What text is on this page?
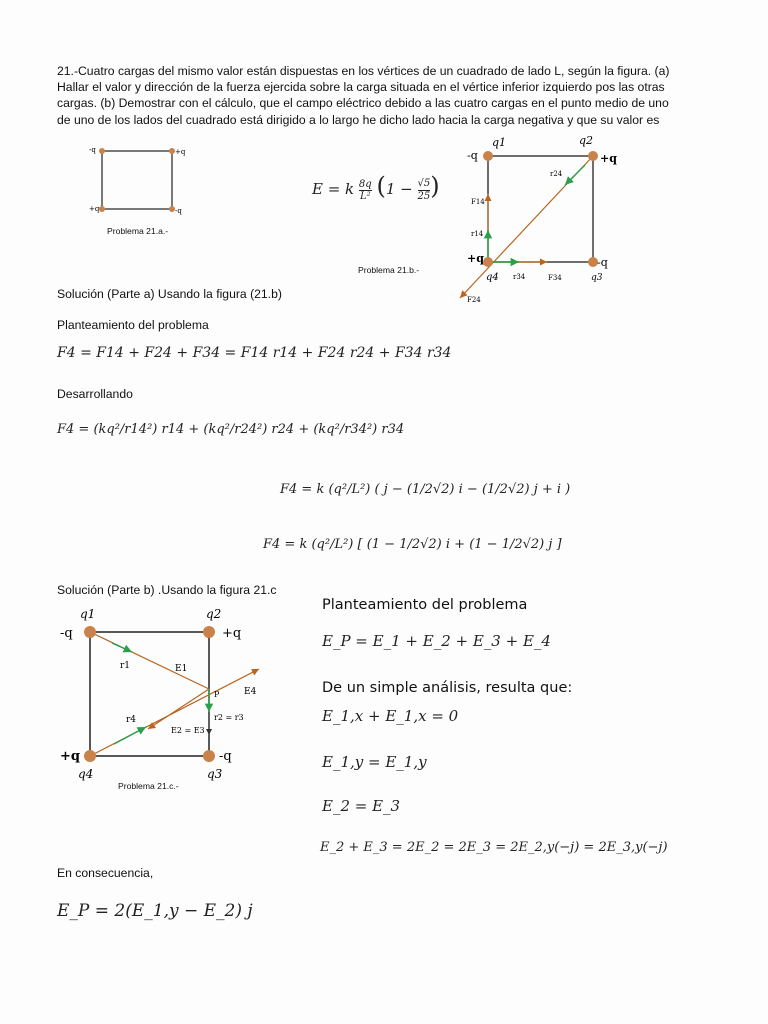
21.-Cuatro cargas del mismo valor están dispuestas en los vértices de un cuadrado de lado L, según la figura. (a)
Hallar el valor y dirección de la fuerza ejercida sobre la carga situada en el vértice inferior izquierdo pos las otras
cargas. (b) Demostrar con el cálculo, que el campo eléctrico debido a las cuatro cargas en el punto medio de uno
de uno de los lados del cuadrado está dirigido a lo largo he dicho lado hacia la carga negativa y que su valor es
-q	+q
+q	-q
Problema 21.a.-
E = k $\frac{8q}{\text{L²}} (1 - \frac{√5}{25}$ )
q1	q2
-q	+q
+q	-q
q4	q3
r24
F14
r14
r34	F34
F24
Problema 21.b.-
Solución (Parte a) Usando la figura (21.b)
Planteamiento del problema
F4 = F14 + F24 + F34 = F14 r14 + F24 r24 + F34 r34
Desarrollando
F4 = (kq²/r14²) r14 + (kq²/r24²) r24 + (kq²/r34²) r34
F4 = k (q²/L²) ( j − (1/2√2) i − (1/2√2) j + i )
F4 = k (q²/L²) [ (1 − 1/2√2) i + (1 − 1/2√2) j ]
Solución (Parte b) .Usando la figura 21.c
q1	q2
-q	+q
+q	-q
q4	q3
r1	E1
P	E4
r4	r2 = r3
E2 = E3
Problema 21.c.-
Planteamiento del problema
E_P = E_1 + E_2 + E_3 + E_4
De un simple análisis, resulta que:
E_1,x + E_1,x = 0
E_1,y = E_1,y
E_2 = E_3
E_2 + E_3 = 2E_2 = 2E_3 = 2E_2,y(−j) = 2E_3,y(−j)
En consecuencia,
E_P = 2(E_1,y − E_2) j
